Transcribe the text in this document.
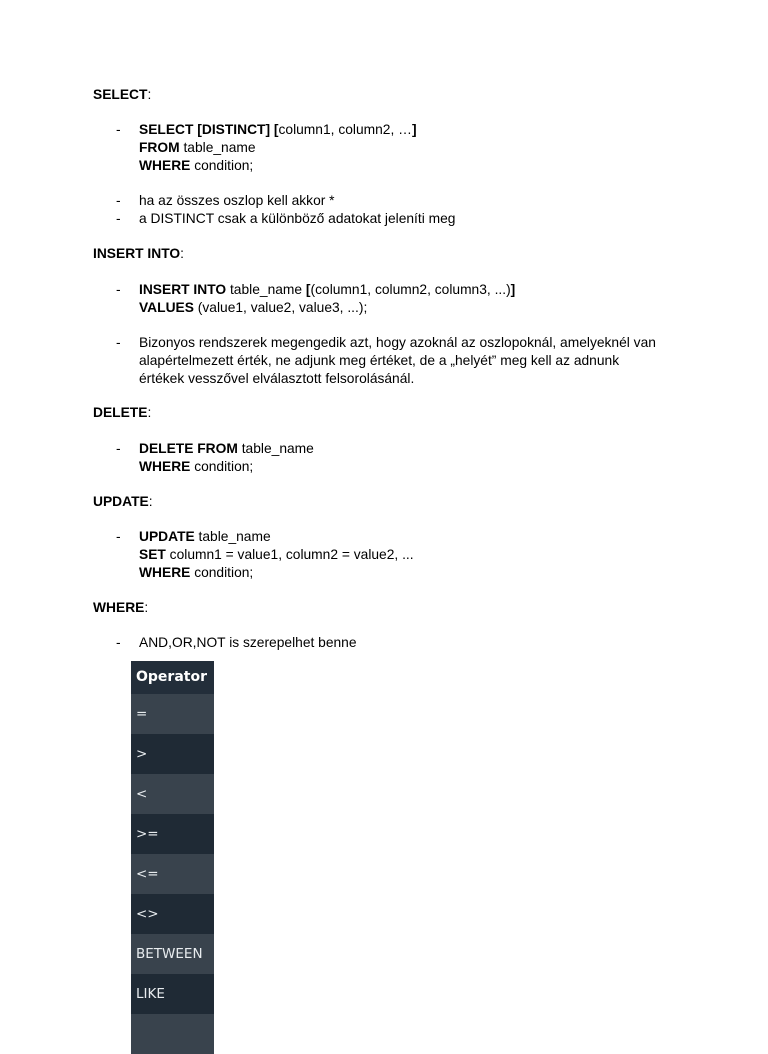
SELECT:
- SELECT [DISTINCT] [column1, column2, …]
FROM table_name
WHERE condition;
- ha az összes oszlop kell akkor *
- a DISTINCT csak a különböző adatokat jeleníti meg
INSERT INTO:
- INSERT INTO table_name [(column1, column2, column3, ...)]
VALUES (value1, value2, value3, ...);
- Bizonyos rendszerek megengedik azt, hogy azoknál az oszlopoknál, amelyeknél van
alapértelmezett érték, ne adjunk meg értéket, de a „helyét” meg kell az adnunk
értékek vesszővel elválasztott felsorolásánál.
DELETE:
- DELETE FROM table_name
WHERE condition;
UPDATE:
- UPDATE table_name
SET column1 = value1, column2 = value2, ...
WHERE condition;
WHERE:
- AND,OR,NOT is szerepelhet benne
Operator
=
>
<
>=
<=
<>
BETWEEN
LIKE
